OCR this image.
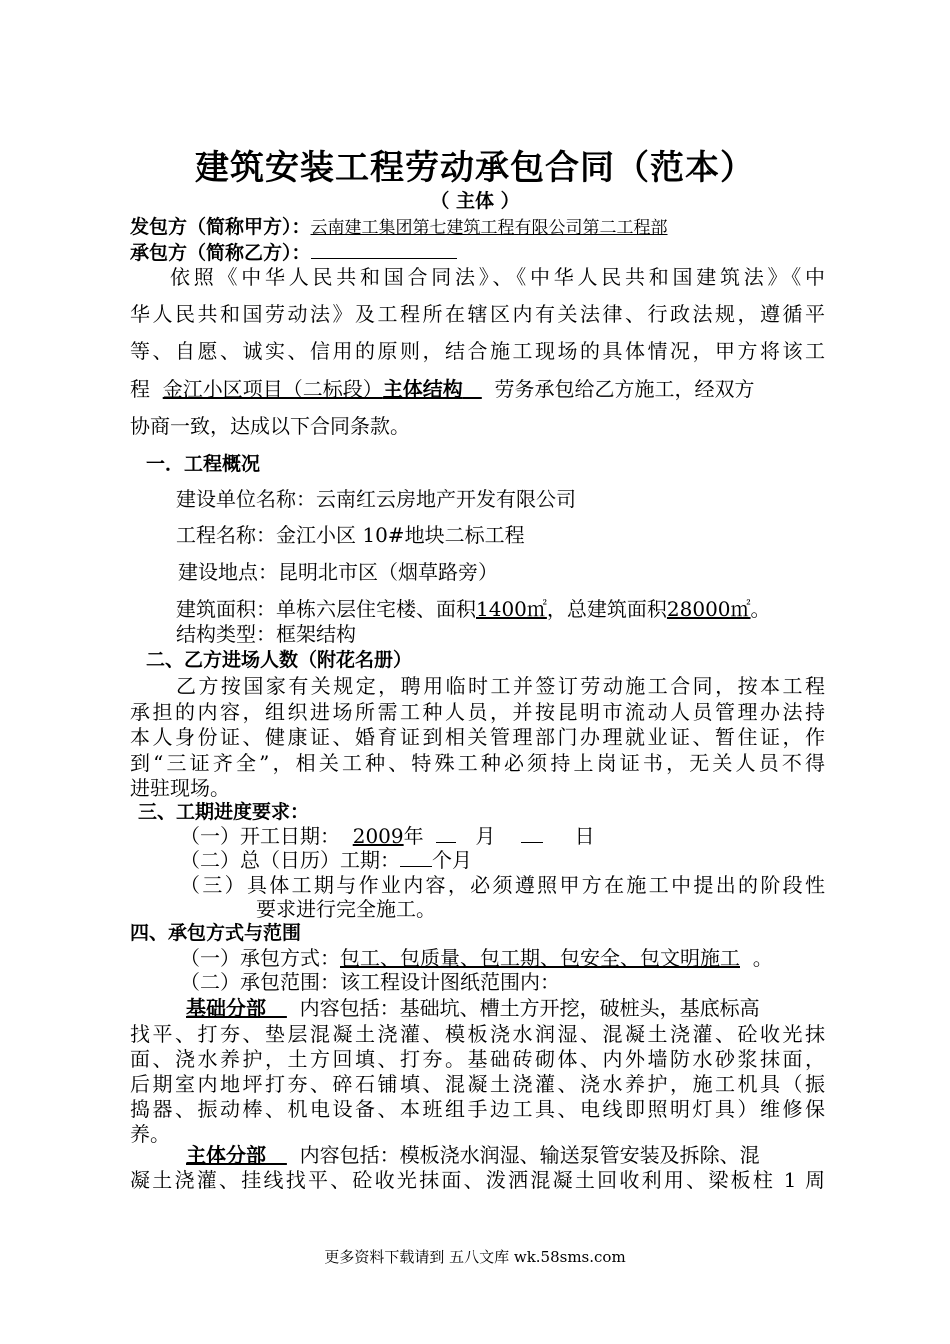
建筑安装工程劳动承包合同（范本）
（ 主体 ）
发包方（简称甲方）：云南建工集团第七建筑工程有限公司第二工程部
承包方（简称乙方）：
依照《中华人民共和国合同法》、《中华人民共和国建筑法》《中
华人民共和国劳动法》及工程所在辖区内有关法律、行政法规，遵循平
等、自愿、诚实、信用的原则，结合施工现场的具体情况，甲方将该工
程 金江小区项目（二标段）主体结构 劳务承包给乙方施工，经双方
协商一致，达成以下合同条款。
一．工程概况
建设单位名称：云南红云房地产开发有限公司
工程名称：金江小区 10#地块二标工程
建设地点：昆明北市区（烟草路旁）
建筑面积：单栋六层住宅楼、面积1400㎡，总建筑面积28000㎡。
结构类型：框架结构
二、乙方进场人数（附花名册）
乙方按国家有关规定，聘用临时工并签订劳动施工合同，按本工程
承担的内容，组织进场所需工种人员，并按昆明市流动人员管理办法持
本人身份证、健康证、婚育证到相关管理部门办理就业证、暂住证，作
到“三证齐全”，相关工种、特殊工种必须持上岗证书，无关人员不得
进驻现场。
三、工期进度要求：
（一）开工日期： 2009年	月	日
（二）总（日历）工期： 个月
（三）具体工期与作业内容，必须遵照甲方在施工中提出的阶段性
要求进行完全施工。
四、承包方式与范围
（一）承包方式：包工、包质量、包工期、包安全、包文明施工 。
（二）承包范围：该工程设计图纸范围内：
基础分部 内容包括：基础坑、槽土方开挖，破桩头，基底标高
找平、打夯、垫层混凝土浇灌、模板浇水润湿、混凝土浇灌、砼收光抹
面、浇水养护，土方回填、打夯。基础砖砌体、内外墙防水砂浆抹面，
后期室内地坪打夯、碎石铺填、混凝土浇灌、浇水养护，施工机具（振
捣器、振动棒、机电设备、本班组手边工具、电线即照明灯具）维修保
养。
主体分部 内容包括：模板浇水润湿、输送泵管安装及拆除、混
凝土浇灌、挂线找平、砼收光抹面、泼洒混凝土回收利用、梁板柱 1 周
更多资料下载请到 五八文库 wk.58sms.com
